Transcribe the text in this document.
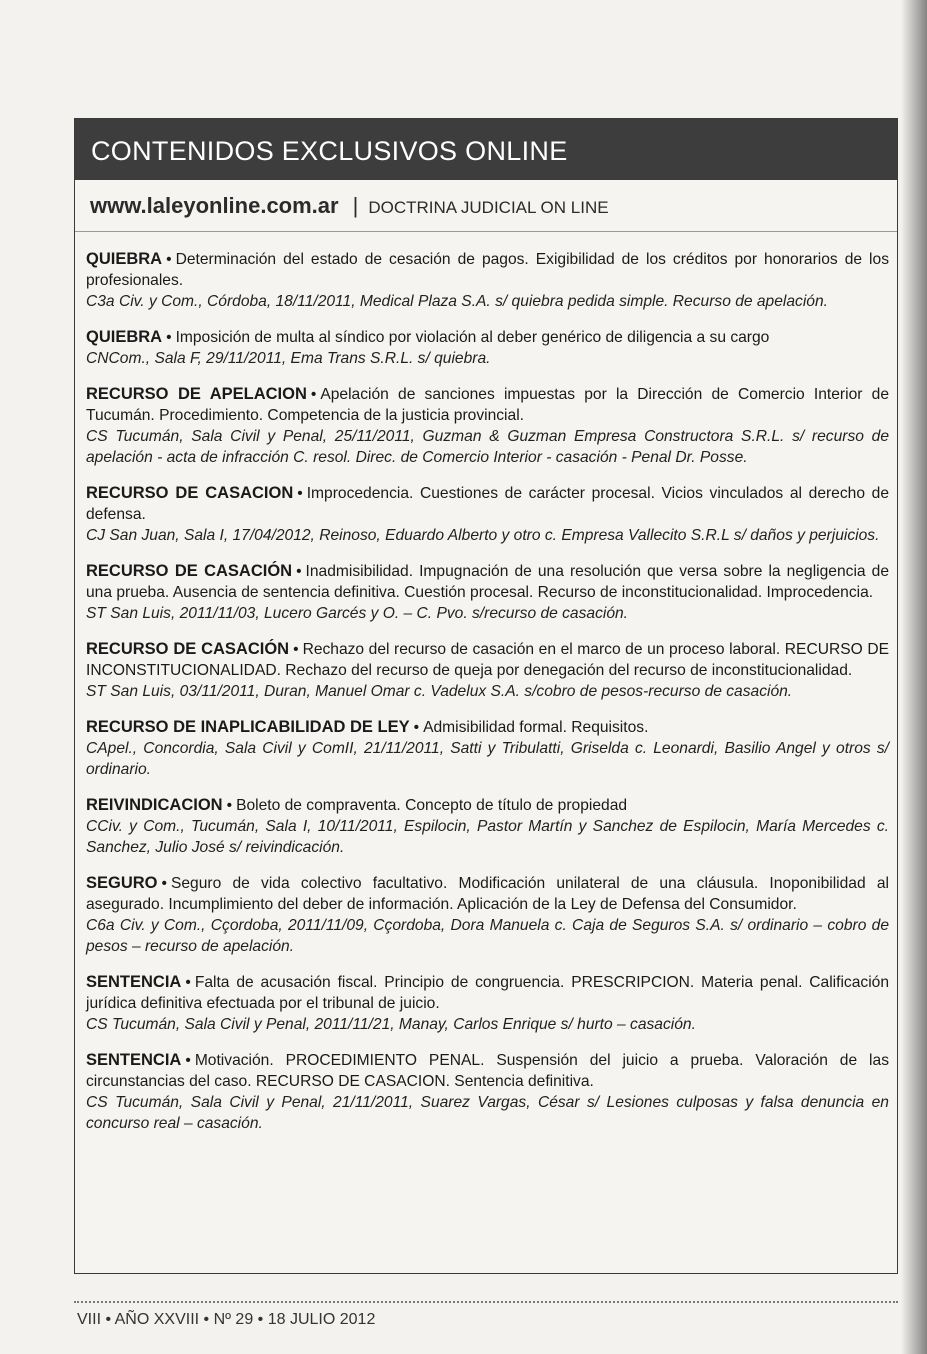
CONTENIDOS EXCLUSIVOS ONLINE
www.laleyonline.com.ar | DOCTRINA JUDICIAL ON LINE
QUIEBRA • Determinación del estado de cesación de pagos. Exigibilidad de los créditos por honorarios de los profesionales.
C3a Civ. y Com., Córdoba, 18/11/2011, Medical Plaza S.A. s/ quiebra pedida simple. Recurso de apelación.
QUIEBRA • Imposición de multa al síndico por violación al deber genérico de diligencia a su cargo
CNCom., Sala F, 29/11/2011, Ema Trans S.R.L. s/ quiebra.
RECURSO DE APELACION • Apelación de sanciones impuestas por la Dirección de Comercio Interior de Tucumán. Procedimiento. Competencia de la justicia provincial.
CS Tucumán, Sala Civil y Penal, 25/11/2011, Guzman & Guzman Empresa Constructora S.R.L. s/ recurso de apelación - acta de infracción C. resol. Direc. de Comercio Interior - casación - Penal Dr. Posse.
RECURSO DE CASACION • Improcedencia. Cuestiones de carácter procesal. Vicios vinculados al derecho de defensa.
CJ San Juan, Sala I, 17/04/2012, Reinoso, Eduardo Alberto y otro c. Empresa Vallecito S.R.L s/ daños y perjuicios.
RECURSO DE CASACIÓN • Inadmisibilidad. Impugnación de una resolución que versa sobre la negligencia de una prueba. Ausencia de sentencia definitiva. Cuestión procesal. Recurso de inconstitucionalidad. Improcedencia.
ST San Luis, 2011/11/03, Lucero Garcés y O. – C. Pvo. s/recurso de casación.
RECURSO DE CASACIÓN • Rechazo del recurso de casación en el marco de un proceso laboral. RECURSO DE INCONSTITUCIONALIDAD. Rechazo del recurso de queja por denegación del recurso de inconstitucionalidad.
ST San Luis, 03/11/2011, Duran, Manuel Omar c. Vadelux S.A. s/cobro de pesos-recurso de casación.
RECURSO DE INAPLICABILIDAD DE LEY • Admisibilidad formal. Requisitos.
CApel., Concordia, Sala Civil y ComII, 21/11/2011, Satti y Tribulatti, Griselda c. Leonardi, Basilio Angel y otros s/ ordinario.
REIVINDICACION • Boleto de compraventa. Concepto de título de propiedad
CCiv. y Com., Tucumán, Sala I, 10/11/2011, Espilocin, Pastor Martín y Sanchez de Espilocin, María Mercedes c. Sanchez, Julio José s/ reivindicación.
SEGURO • Seguro de vida colectivo facultativo. Modificación unilateral de una cláusula. Inoponibilidad al asegurado. Incumplimiento del deber de información. Aplicación de la Ley de Defensa del Consumidor.
C6a Civ. y Com., Cçordoba, 2011/11/09, Cçordoba, Dora Manuela c. Caja de Seguros S.A. s/ ordinario – cobro de pesos – recurso de apelación.
SENTENCIA • Falta de acusación fiscal. Principio de congruencia. PRESCRIPCION. Materia penal. Calificación jurídica definitiva efectuada por el tribunal de juicio.
CS Tucumán, Sala Civil y Penal, 2011/11/21, Manay, Carlos Enrique s/ hurto – casación.
SENTENCIA • Motivación. PROCEDIMIENTO PENAL. Suspensión del juicio a prueba. Valoración de las circunstancias del caso. RECURSO DE CASACION. Sentencia definitiva.
CS Tucumán, Sala Civil y Penal, 21/11/2011, Suarez Vargas, César s/ Lesiones culposas y falsa denuncia en concurso real – casación.
VIII • AÑO XXVIII • Nº 29 • 18 JULIO 2012
